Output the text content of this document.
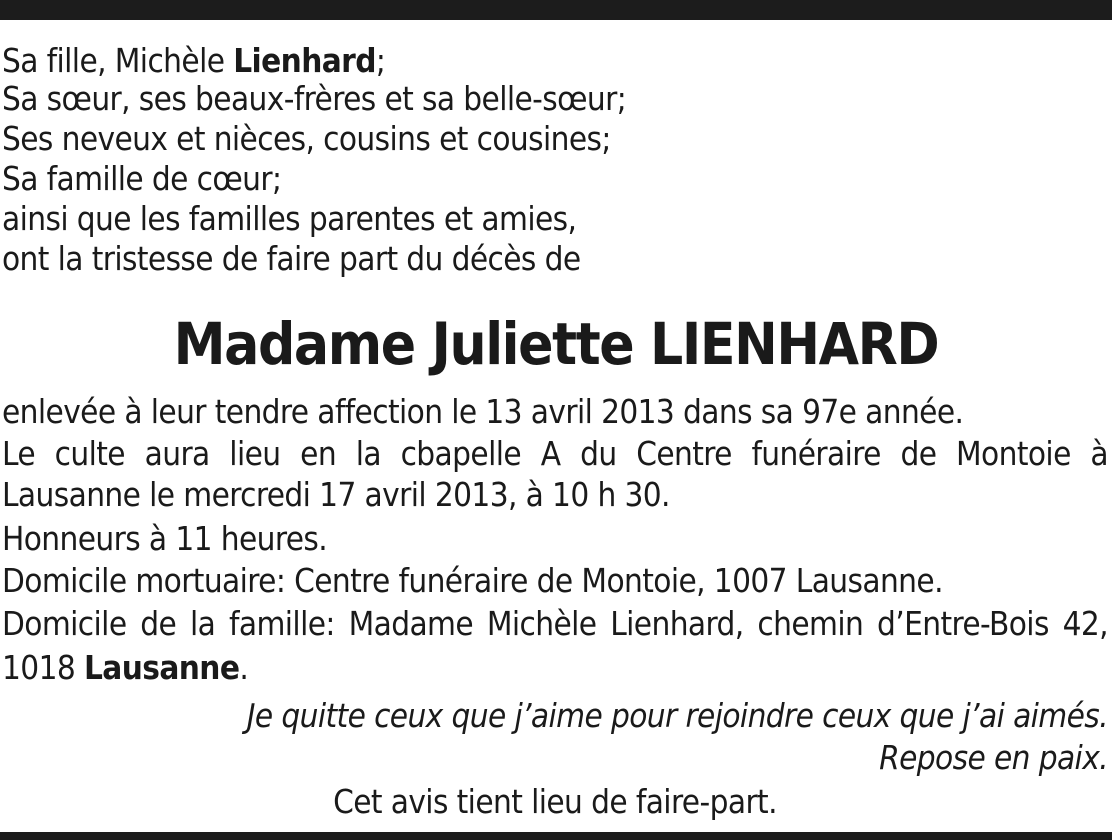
Sa fille, Michèle Lienhard;
Sa sœur, ses beaux-frères et sa belle-sœur;
Ses neveux et nièces, cousins et cousines;
Sa famille de cœur;
ainsi que les familles parentes et amies,
ont la tristesse de faire part du décès de
Madame Juliette LIENHARD
enlevée à leur tendre affection le 13 avril 2013 dans sa 97e année.
Le culte aura lieu en la cbapelle A du Centre funéraire de Montoie à
Lausanne le mercredi 17 avril 2013, à 10 h 30.
Honneurs à 11 heures.
Domicile mortuaire: Centre funéraire de Montoie, 1007 Lausanne.
Domicile de la famille: Madame Michèle Lienhard, chemin d’Entre-Bois 42,
1018 Lausanne.
Je quitte ceux que j’aime pour rejoindre ceux que j’ai aimés.
Repose en paix.
Cet avis tient lieu de faire-part.
